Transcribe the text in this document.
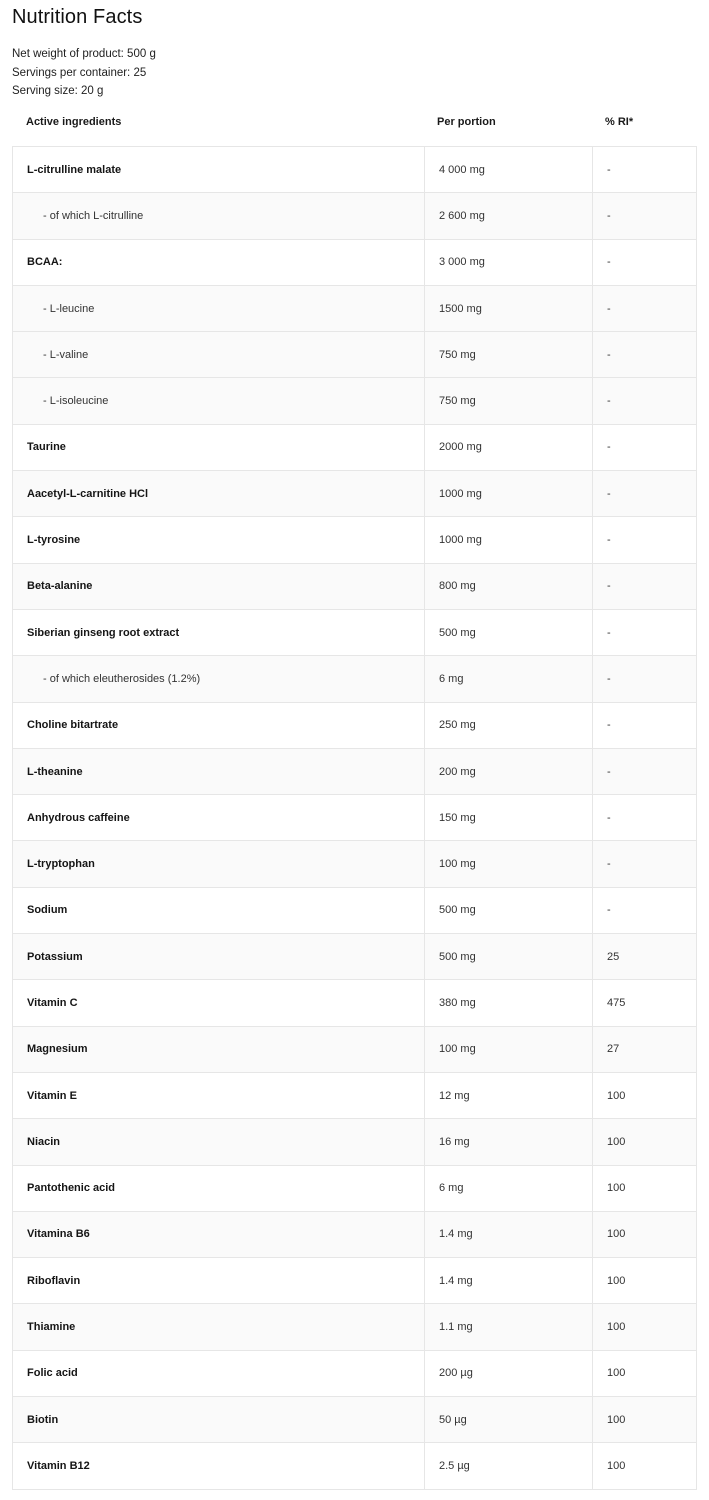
Nutrition Facts
Net weight of product: 500 g
Servings per container: 25
Serving size: 20 g
Active ingredients	Per portion	% RI*
L-citrulline malate	4 000 mg	-
- of which L-citrulline	2 600 mg	-
BCAA:	3 000 mg	-
- L-leucine	1500 mg	-
- L-valine	750 mg	-
- L-isoleucine	750 mg	-
Taurine	2000 mg	-
Aacetyl-L-carnitine HCl	1000 mg	-
L-tyrosine	1000 mg	-
Beta-alanine	800 mg	-
Siberian ginseng root extract	500 mg	-
- of which eleutherosides (1.2%)	6 mg	-
Choline bitartrate	250 mg	-
L-theanine	200 mg	-
Anhydrous caffeine	150 mg	-
L-tryptophan	100 mg	-
Sodium	500 mg	-
Potassium	500 mg	25
Vitamin C	380 mg	475
Magnesium	100 mg	27
Vitamin E	12 mg	100
Niacin	16 mg	100
Pantothenic acid	6 mg	100
Vitamina B6	1.4 mg	100
Riboflavin	1.4 mg	100
Thiamine	1.1 mg	100
Folic acid	200 µg	100
Biotin	50 µg	100
Vitamin B12	2.5 µg	100
